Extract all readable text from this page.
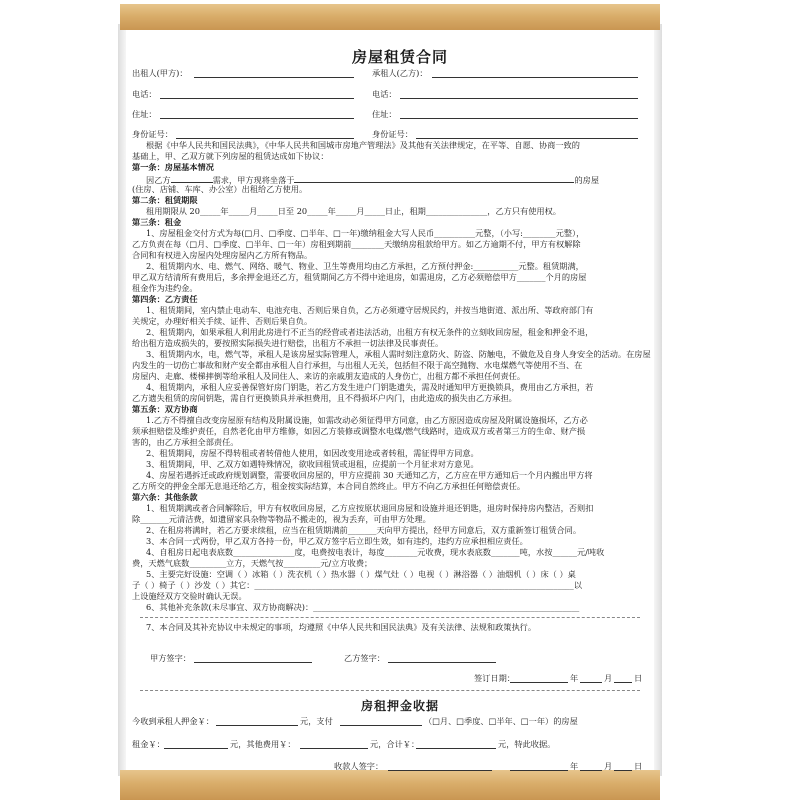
房屋租赁合同
出租人(甲方)：	承租人(乙方)：
电话：	电话：
住址：	住址：
身份证号：	身份证号：
根据《中华人民共和国民法典》，《中华人民共和国城市房地产管理法》及其他有关法律规定，在平等、自愿、协商一致的
基础上，甲、乙双方就下列房屋的租赁达成如下协议：
第一条：房屋基本情况
因乙方	需求，甲方现将坐落于	的房屋
(住房、店铺、车库、办公室）出租给乙方使用。
第二条：租赁期限
租用期限从 20_____年_____月_____日至 20_____年_____月_____日止，租期_______________，乙方只有使用权。
第三条：租金
1、房屋租金交付方式为每(□月、□季度、□半年、□一年)缴纳租金大写人民币__________元整，（小写:________元整），
乙方负责在每（□月、□季度、□半年、□一年）房租到期前________天缴纳房租款给甲方。如乙方逾期不付，甲方有权解除
合同和有权进入房屋内处理房屋内乙方所有物品。
2、租赁期内水、电、燃气、网络、暖气、物业、卫生等费用均由乙方承担，乙方预付押金:___________元整。租赁期满，
甲乙双方结清所有费用后，多余押金退还乙方，租赁期间乙方不得中途退房，如需退房，乙方必须赔偿甲方_______个月的房屋
租金作为违约金。
第四条：乙方责任
1、租赁期间，室内禁止电动车、电池充电、否则后果自负，乙方必须遵守居规民约，并按当地街道、派出所、等政府部门有
关规定，办理好相关手续、证件、否则后果自负。
2、租赁期内，如果承租人利用此房进行不正当的经营或者违法活动，出租方有权无条件的立刻收回房屋，租金和押金不退，
给出租方造成损失的，要按照实际损失进行赔偿，出租方不承担一切法律及民事责任。
3、租赁期内水，电，燃气等，承租人是该房屋实际管理人，承租人需时刻注意防火、防盗、防触电，不做危及自身人身安全的活动。在房屋
内发生的一切伤亡事故和财产安全都由承租人自行承担，与出租人无关，包括但不限于高空抛物、水电煤燃气等使用不当、在
房屋内、走廊、楼梯摔倒等给承租人及同住人、来访的亲戚朋友造成的人身伤亡，出租方都不承担任何责任。
4、租赁期内，承租人应妥善保管好房门钥匙，若乙方发生进户门钥匙遗失，需及时通知甲方更换锁具，费用由乙方承担，若
乙方遗失租赁的房间钥匙，需自行更换锁具并承担费用，且不得损坏户内门，由此造成的损失由乙方承担。
第五条：双方协商
1.乙方不得擅自改变房屋原有结构及附属设施，如需改动必须征得甲方同意，由乙方原因造成房屋及附属设施损坏，乙方必
须承担赔偿及维护责任，自然老化由甲方维修，如因乙方装修或调整水电煤/燃气线路时，造成双方或者第三方的生命、财产损
害的，由乙方承担全部责任。
2、租赁期间，房屋不得转租或者转借他人使用，如因改变用途或者转租，需征得甲方同意。
3、租赁期间，甲、乙双方如遇特殊情况，欲收回租赁或退租，应提前一个月征求对方意见。
4、房屋若遇拆迁或政府规划调整，需要收回房屋的，甲方应提前 30 天通知乙方，乙方应在甲方通知后一个月内搬出甲方将
乙方所交的押金全部无息退还给乙方，租金按实际结算，本合同自然终止。甲方不向乙方承担任何赔偿责任。
第六条：其他条款
1、租赁期满或者合同解除后，甲方有权收回房屋，乙方应按原状退回房屋和设施并退还钥匙，退房时保持房内整洁，否则扣
除_______元清洁费，如遗留家具杂物等物品不搬走的，视为丢弃，可由甲方处理。
2、在租房将满时，若乙方要求续租，应当在租赁期满前_______天向甲方提出，经甲方同意后，双方重新签订租赁合同。
3、本合同一式两份，甲乙双方各持一份，甲乙双方签字后立即生效，如有违约，违约方应承担相应责任。
4、自租房日起电表底数_______________度，电费按电表计，每度________元收费，现水表底数_______吨，水按______元/吨收
费，天燃气底数_________立方，天燃气按_________元/立方收费；
5、主要完好设施：空调（ ）冰箱（ ）洗衣机（ ）热水器（ ）煤气灶（ ）电视（ ）淋浴器（ ）油烟机（ ）床（ ）桌
子（ ）椅子（ ）沙发（ ）其它：______________________________________________________________________________以
上设施经双方交验时确认无误。
6、其他补充条款(未尽事宜、双方协商解决)：_________________________________________________________________
7、本合同及其补充协议中未规定的事项，均遵照《中华人民共和国民法典》及有关法律、法规和政策执行。
甲方签字：	乙方签字：
签订日期：	年	月	日
房租押金收据
今收到承租人押金￥：	元，支付	（□月、□季度、□半年、□一年）的房屋
租金￥：	元，其他费用￥：	元，合计￥：	元，特此收据。
收款人签字：	年	月	日
